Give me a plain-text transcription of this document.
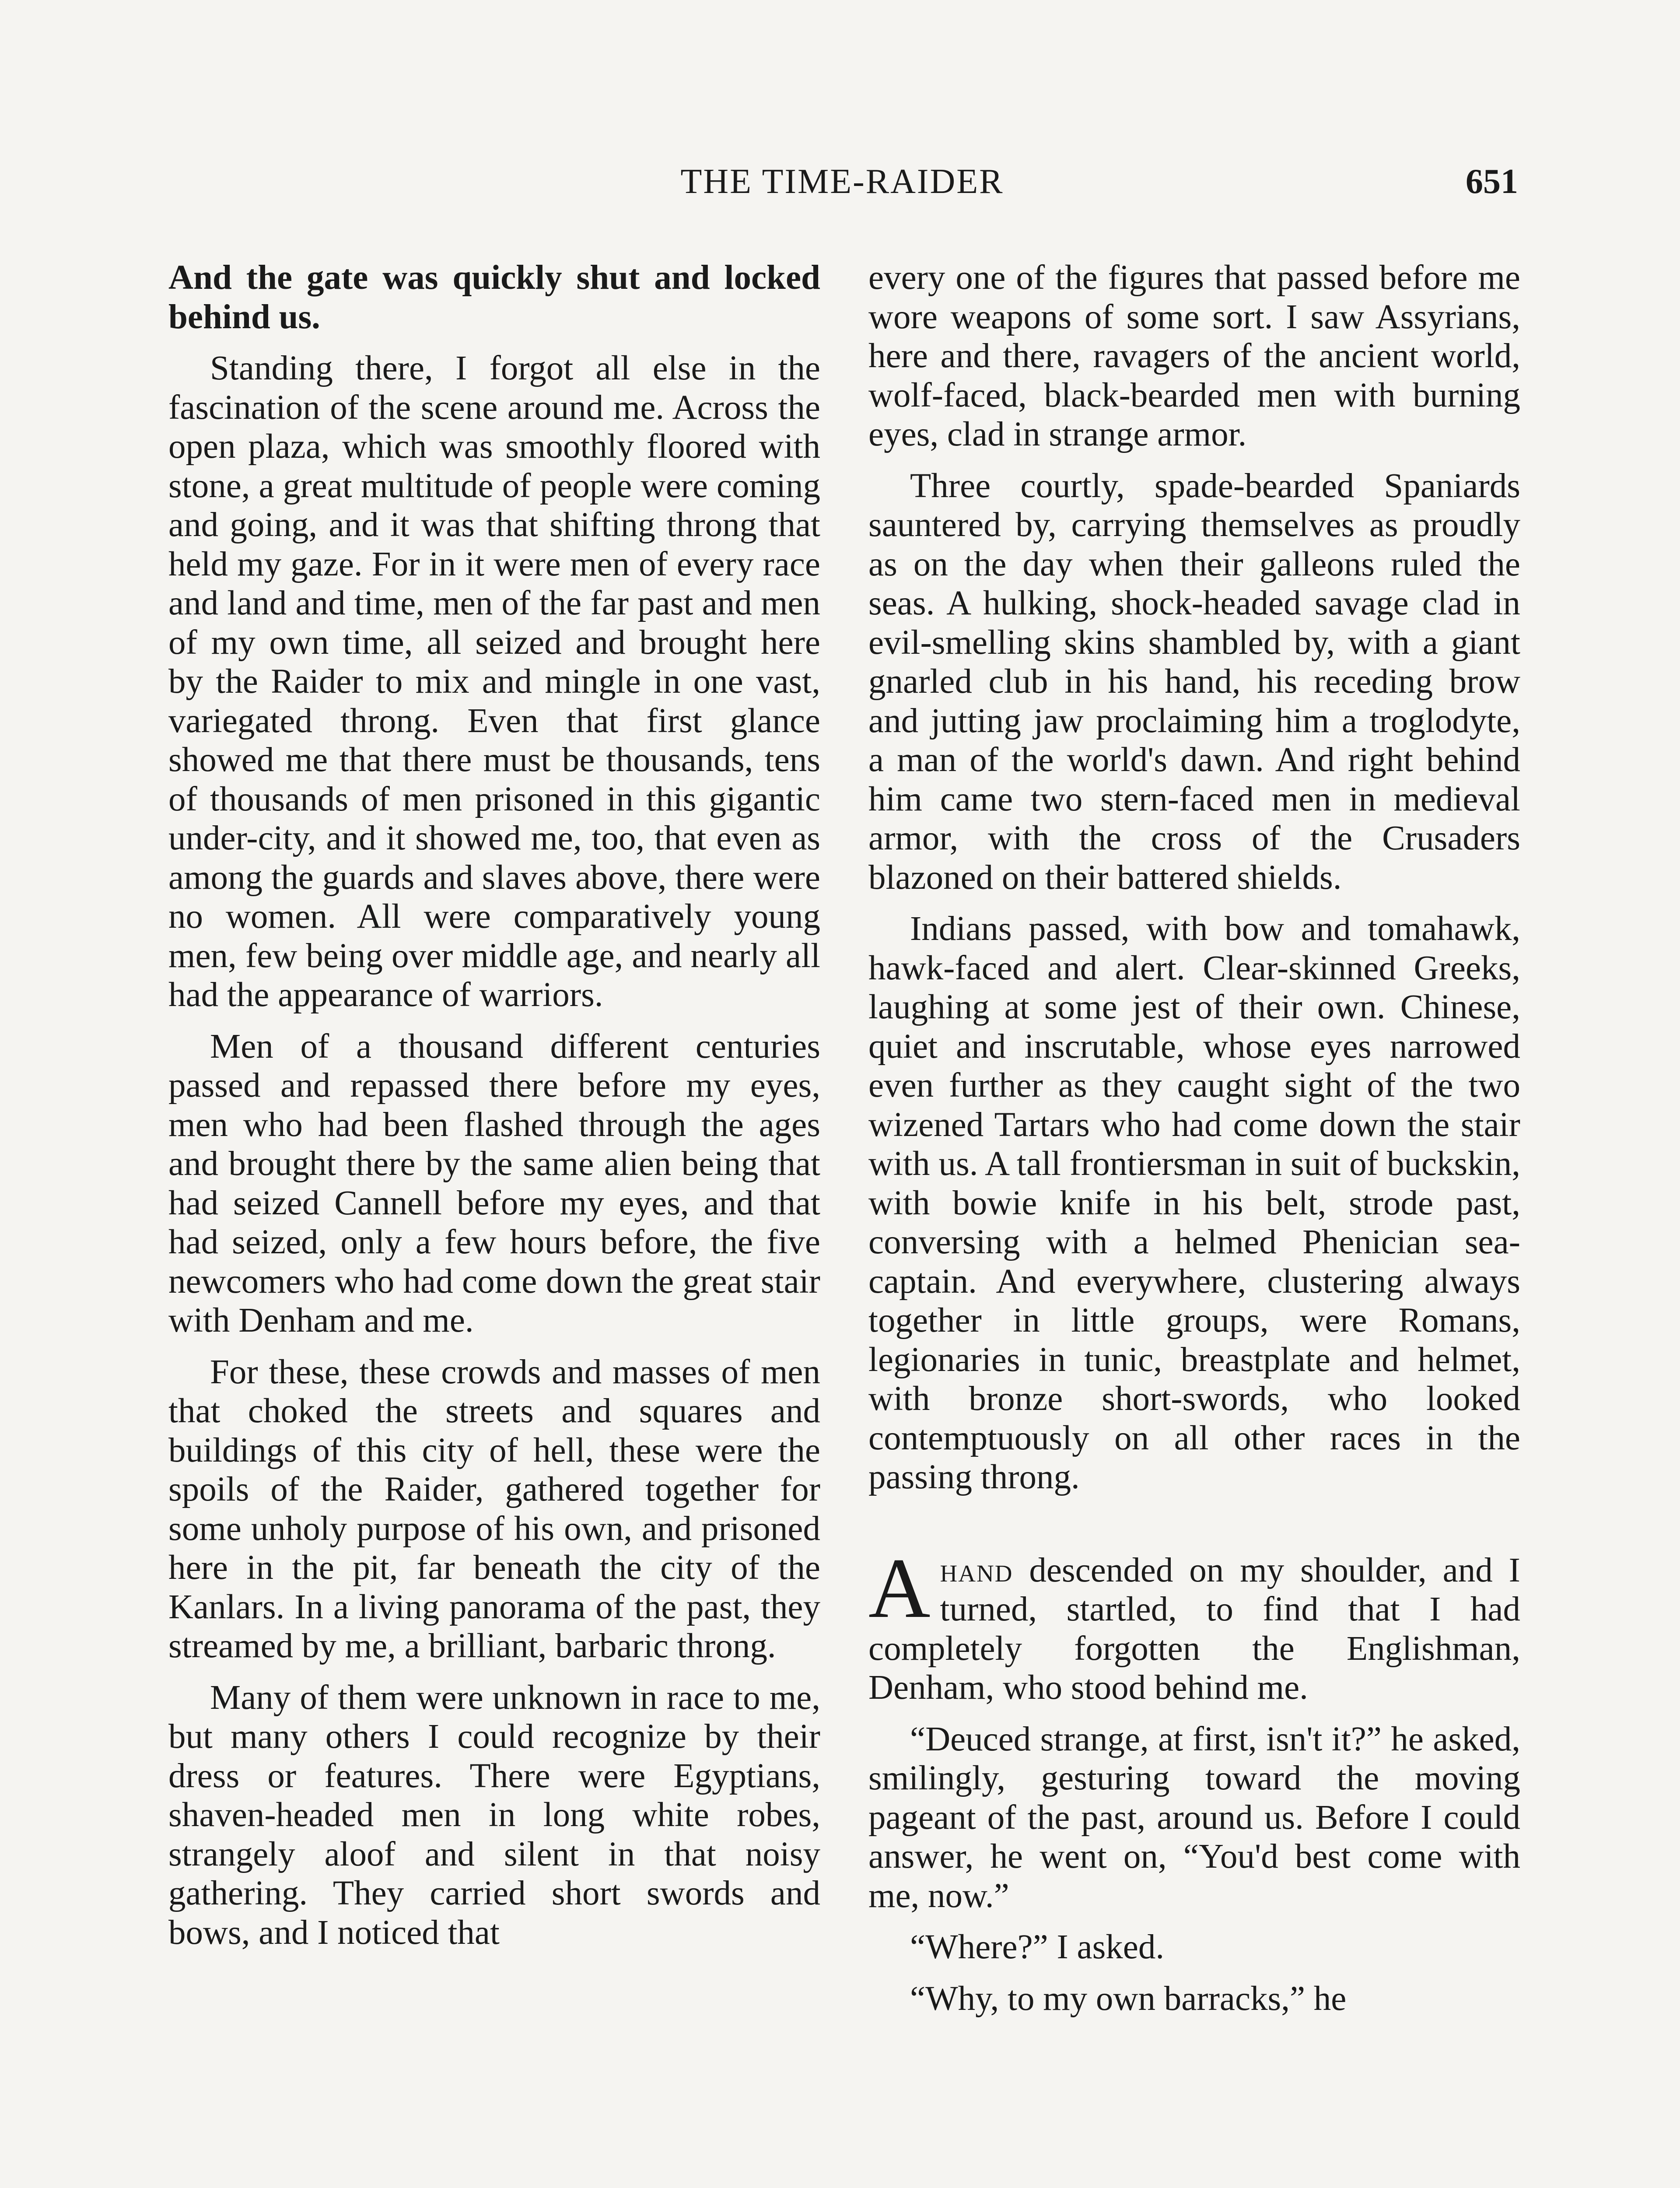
THE TIME-RAIDER	651

And the gate was quickly shut and locked behind us.

Standing there, I forgot all else in the fascination of the scene around me. Across the open plaza, which was smoothly floored with stone, a great multitude of people were coming and going, and it was that shifting throng that held my gaze. For in it were men of every race and land and time, men of the far past and men of my own time, all seized and brought here by the Raider to mix and mingle in one vast, variegated throng. Even that first glance showed me that there must be thousands, tens of thousands of men prisoned in this gigantic under-city, and it showed me, too, that even as among the guards and slaves above, there were no women. All were comparatively young men, few being over middle age, and nearly all had the appearance of warriors.

Men of a thousand different centuries passed and repassed there before my eyes, men who had been flashed through the ages and brought there by the same alien being that had seized Cannell before my eyes, and that had seized, only a few hours before, the five newcomers who had come down the great stair with Denham and me.

For these, these crowds and masses of men that choked the streets and squares and buildings of this city of hell, these were the spoils of the Raider, gathered together for some unholy purpose of his own, and prisoned here in the pit, far beneath the city of the Kanlars. In a living panorama of the past, they streamed by me, a brilliant, barbaric throng.

Many of them were unknown in race to me, but many others I could recognize by their dress or features. There were Egyptians, shaven-headed men in long white robes, strangely aloof and silent in that noisy gathering. They carried short swords and bows, and I noticed that

every one of the figures that passed before me wore weapons of some sort. I saw Assyrians, here and there, ravagers of the ancient world, wolf-faced, black-bearded men with burning eyes, clad in strange armor.

Three courtly, spade-bearded Spaniards sauntered by, carrying themselves as proudly as on the day when their galleons ruled the seas. A hulking, shock-headed savage clad in evil-smelling skins shambled by, with a giant gnarled club in his hand, his receding brow and jutting jaw proclaiming him a troglodyte, a man of the world's dawn. And right behind him came two stern-faced men in medieval armor, with the cross of the Crusaders blazoned on their battered shields.

Indians passed, with bow and tomahawk, hawk-faced and alert. Clear-skinned Greeks, laughing at some jest of their own. Chinese, quiet and inscrutable, whose eyes narrowed even further as they caught sight of the two wizened Tartars who had come down the stair with us. A tall frontiersman in suit of buckskin, with bowie knife in his belt, strode past, conversing with a helmed Phenician sea-captain. And everywhere, clustering always together in little groups, were Romans, legionaries in tunic, breastplate and helmet, with bronze short-swords, who looked contemptuously on all other races in the passing throng.

Ahand descended on my shoulder, and I turned, startled, to find that I had completely forgotten the Englishman, Denham, who stood behind me.

“Deuced strange, at first, isn't it?” he asked, smilingly, gesturing toward the moving pageant of the past, around us. Before I could answer, he went on, “You'd best come with me, now.”

“Where?” I asked.

“Why, to my own barracks,” he
